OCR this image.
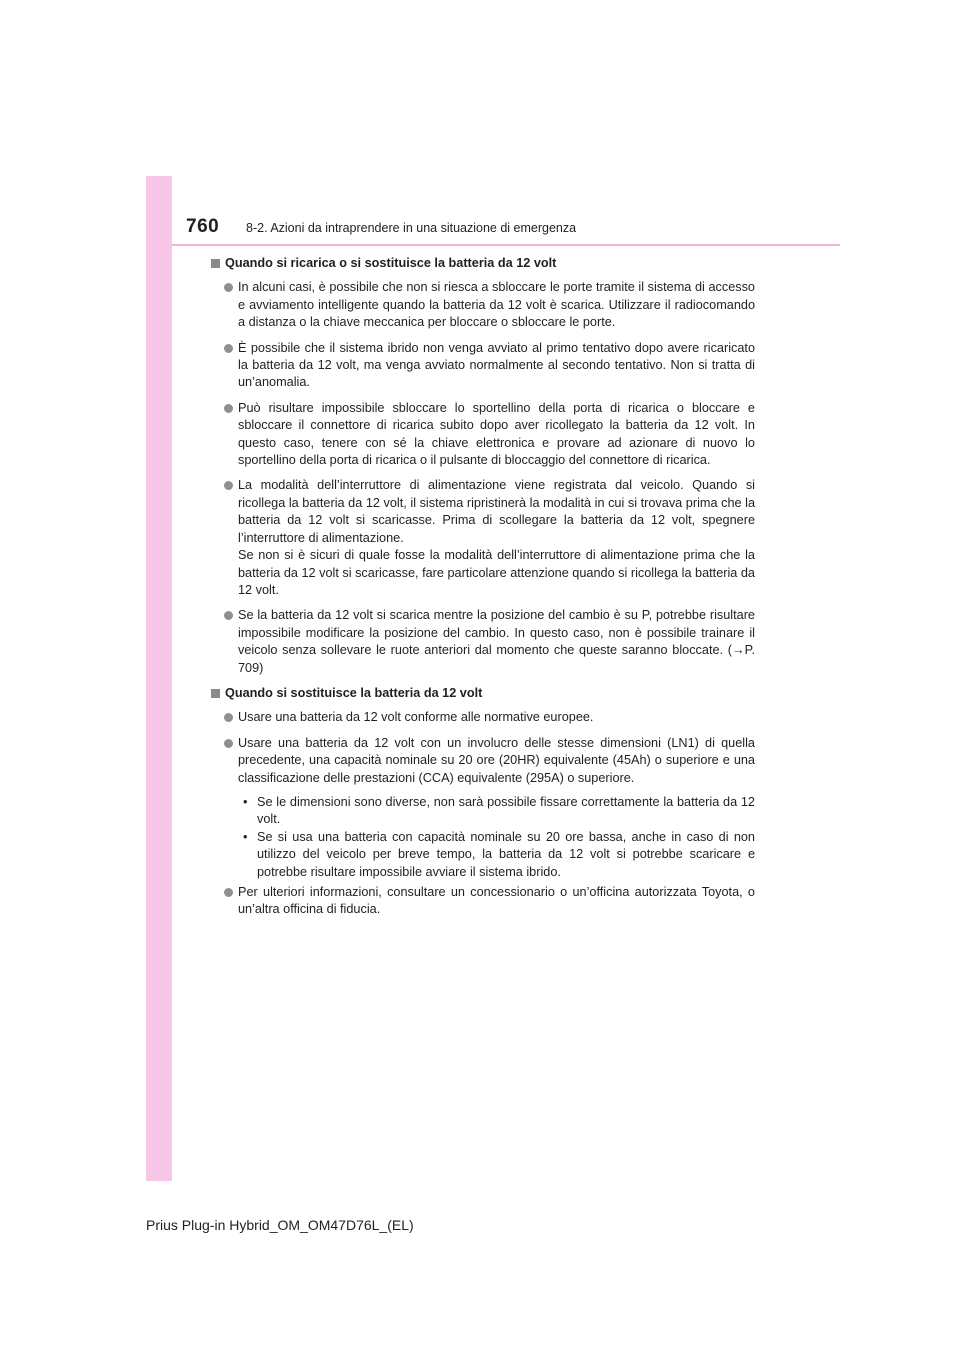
760 8-2. Azioni da intraprendere in una situazione di emergenza
Quando si ricarica o si sostituisce la batteria da 12 volt
In alcuni casi, è possibile che non si riesca a sbloccare le porte tramite il sistema di accesso e avviamento intelligente quando la batteria da 12 volt è scarica. Utilizzare il radiocomando a distanza o la chiave meccanica per bloccare o sbloccare le porte.
È possibile che il sistema ibrido non venga avviato al primo tentativo dopo avere ricaricato la batteria da 12 volt, ma venga avviato normalmente al secondo tentativo. Non si tratta di un’anomalia.
Può risultare impossibile sbloccare lo sportellino della porta di ricarica o bloccare e sbloccare il connettore di ricarica subito dopo aver ricollegato la batteria da 12 volt. In questo caso, tenere con sé la chiave elettronica e provare ad azionare di nuovo lo sportellino della porta di ricarica o il pulsante di bloccaggio del connettore di ricarica.
La modalità dell’interruttore di alimentazione viene registrata dal veicolo. Quando si ricollega la batteria da 12 volt, il sistema ripristinerà la modalità in cui si trovava prima che la batteria da 12 volt si scaricasse. Prima di scollegare la batteria da 12 volt, spegnere l’interruttore di alimentazione.
Se non si è sicuri di quale fosse la modalità dell’interruttore di alimentazione prima che la batteria da 12 volt si scaricasse, fare particolare attenzione quando si ricollega la batteria da 12 volt.
Se la batteria da 12 volt si scarica mentre la posizione del cambio è su P, potrebbe risultare impossibile modificare la posizione del cambio. In questo caso, non è possibile trainare il veicolo senza sollevare le ruote anteriori dal momento che queste saranno bloccate. (→P. 709)
Quando si sostituisce la batteria da 12 volt
Usare una batteria da 12 volt conforme alle normative europee.
Usare una batteria da 12 volt con un involucro delle stesse dimensioni (LN1) di quella precedente, una capacità nominale su 20 ore (20HR) equivalente (45Ah) o superiore e una classificazione delle prestazioni (CCA) equivalente (295A) o superiore.
• Se le dimensioni sono diverse, non sarà possibile fissare correttamente la batteria da 12 volt.
• Se si usa una batteria con capacità nominale su 20 ore bassa, anche in caso di non utilizzo del veicolo per breve tempo, la batteria da 12 volt si potrebbe scaricare e potrebbe risultare impossibile avviare il sistema ibrido.
Per ulteriori informazioni, consultare un concessionario o un’officina autorizzata Toyota, o un’altra officina di fiducia.
Prius Plug-in Hybrid_OM_OM47D76L_(EL)
